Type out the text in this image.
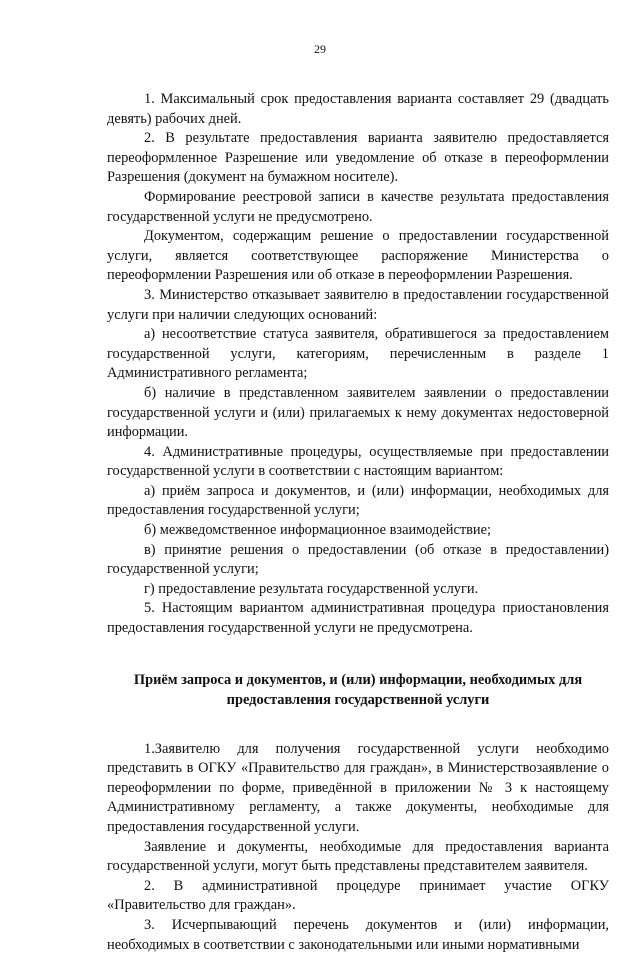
29

1. Максимальный срок предоставления варианта составляет 29 (двадцать девять) рабочих дней.

2. В результате предоставления варианта заявителю предоставляется переоформленное Разрешение или уведомление об отказе в переоформлении Разрешения (документ на бумажном носителе).

Формирование реестровой записи в качестве результата предоставления государственной услуги не предусмотрено.

Документом, содержащим решение о предоставлении государственной услуги, является соответствующее распоряжение Министерства о переоформлении Разрешения или об отказе в переоформлении Разрешения.

3. Министерство отказывает заявителю в предоставлении государственной услуги при наличии следующих оснований:

а) несоответствие статуса заявителя, обратившегося за предоставлением государственной услуги, категориям, перечисленным в разделе 1 Административного регламента;

б) наличие в представленном заявителем заявлении о предоставлении государственной услуги и (или) прилагаемых к нему документах недостоверной информации.

4. Административные процедуры, осуществляемые при предоставлении государственной услуги в соответствии с настоящим вариантом:

а) приём запроса и документов, и (или) информации, необходимых для предоставления государственной услуги;

б) межведомственное информационное взаимодействие;

в) принятие решения о предоставлении (об отказе в предоставлении) государственной услуги;

г) предоставление результата государственной услуги.

5. Настоящим вариантом административная процедура приостановления предоставления государственной услуги не предусмотрена.

Приём запроса и документов, и (или) информации, необходимых для предоставления государственной услуги

1.Заявителю для получения государственной услуги необходимо представить в ОГКУ «Правительство для граждан», в Министерствозаявление о переоформлении по форме, приведённой в приложении № 3 к настоящему Административному регламенту, а также документы, необходимые для предоставления государственной услуги.

Заявление и документы, необходимые для предоставления варианта государственной услуги, могут быть представлены представителем заявителя.

2. В административной процедуре принимает участие ОГКУ «Правительство для граждан».

3. Исчерпывающий перечень документов и (или) информации, необходимых в соответствии с законодательными или иными нормативными
